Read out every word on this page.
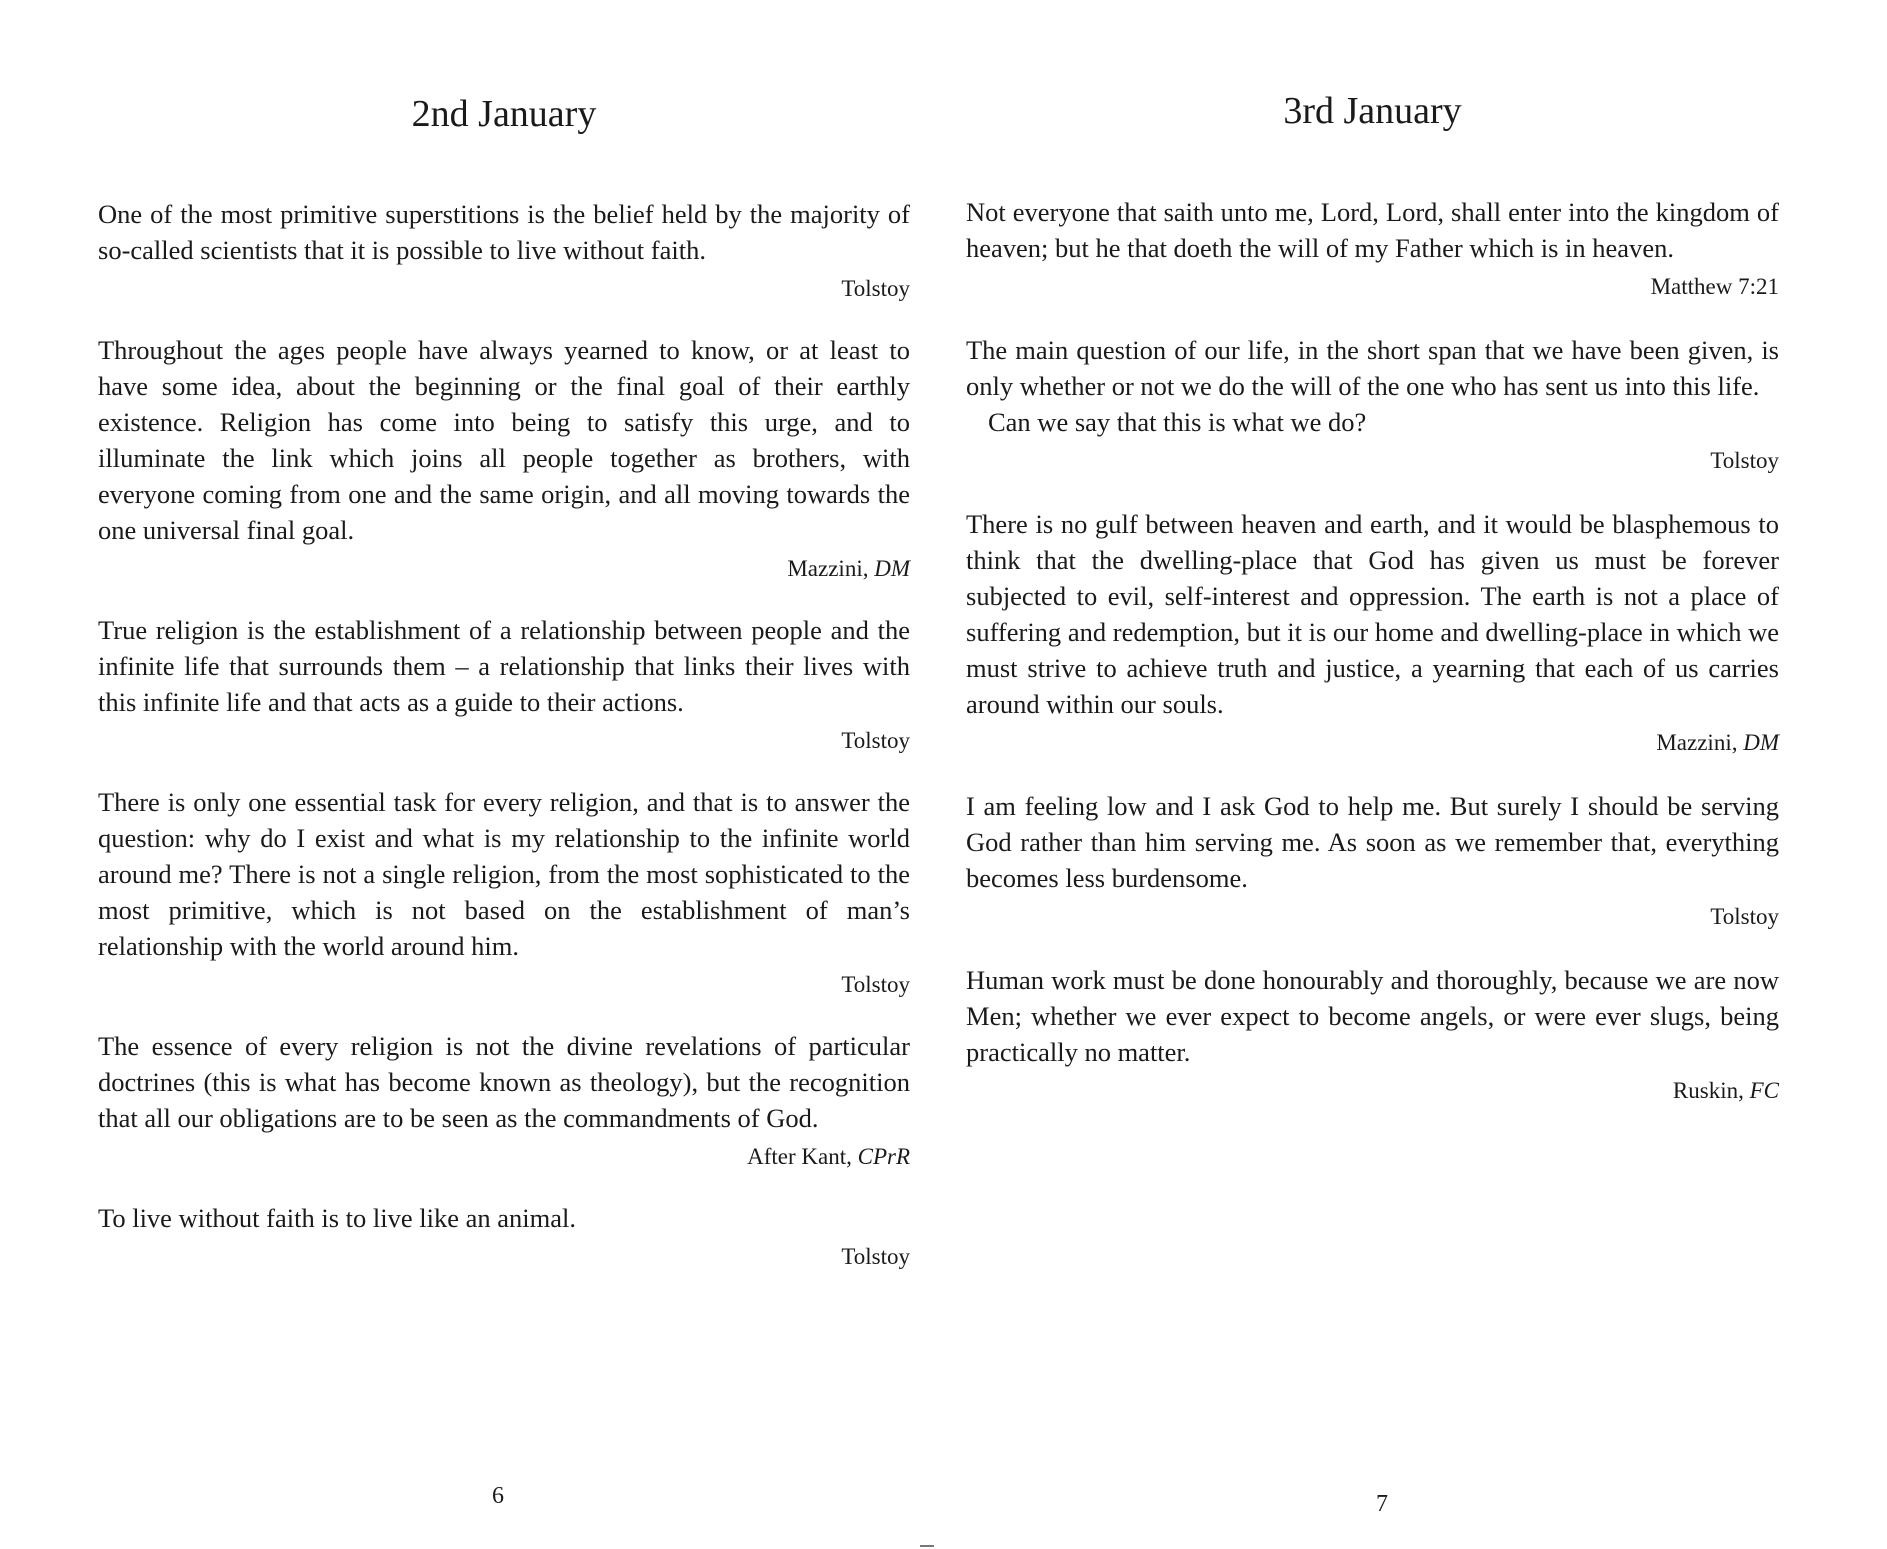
2nd January

One of the most primitive superstitions is the belief held by the majority of so-called scientists that it is possible to live without faith.

Tolstoy

Throughout the ages people have always yearned to know, or at least to have some idea, about the beginning or the final goal of their earthly existence. Religion has come into being to satisfy this urge, and to illuminate the link which joins all people together as brothers, with everyone coming from one and the same origin, and all moving towards the one universal final goal.

Mazzini, DM

True religion is the establishment of a relationship between people and the infinite life that surrounds them – a relationship that links their lives with this infinite life and that acts as a guide to their actions.

Tolstoy

There is only one essential task for every religion, and that is to answer the question: why do I exist and what is my relationship to the infinite world around me? There is not a single religion, from the most sophisticated to the most primitive, which is not based on the establishment of man’s relationship with the world around him.

Tolstoy

The essence of every religion is not the divine revelations of particular doctrines (this is what has become known as theology), but the recognition that all our obligations are to be seen as the commandments of God.

After Kant, CPrR

To live without faith is to live like an animal.

Tolstoy
6
3rd January

Not everyone that saith unto me, Lord, Lord, shall enter into the kingdom of heaven; but he that doeth the will of my Father which is in heaven.

Matthew 7:21

The main question of our life, in the short span that we have been given, is only whether or not we do the will of the one who has sent us into this life.

Can we say that this is what we do?

Tolstoy

There is no gulf between heaven and earth, and it would be blasphemous to think that the dwelling-place that God has given us must be forever subjected to evil, self-interest and oppression. The earth is not a place of suffering and redemption, but it is our home and dwelling-place in which we must strive to achieve truth and justice, a yearning that each of us carries around within our souls.

Mazzini, DM

I am feeling low and I ask God to help me. But surely I should be serving God rather than him serving me. As soon as we remember that, everything becomes less burdensome.

Tolstoy

Human work must be done honourably and thoroughly, because we are now Men; whether we ever expect to become angels, or were ever slugs, being practically no matter.

Ruskin, FC
7
